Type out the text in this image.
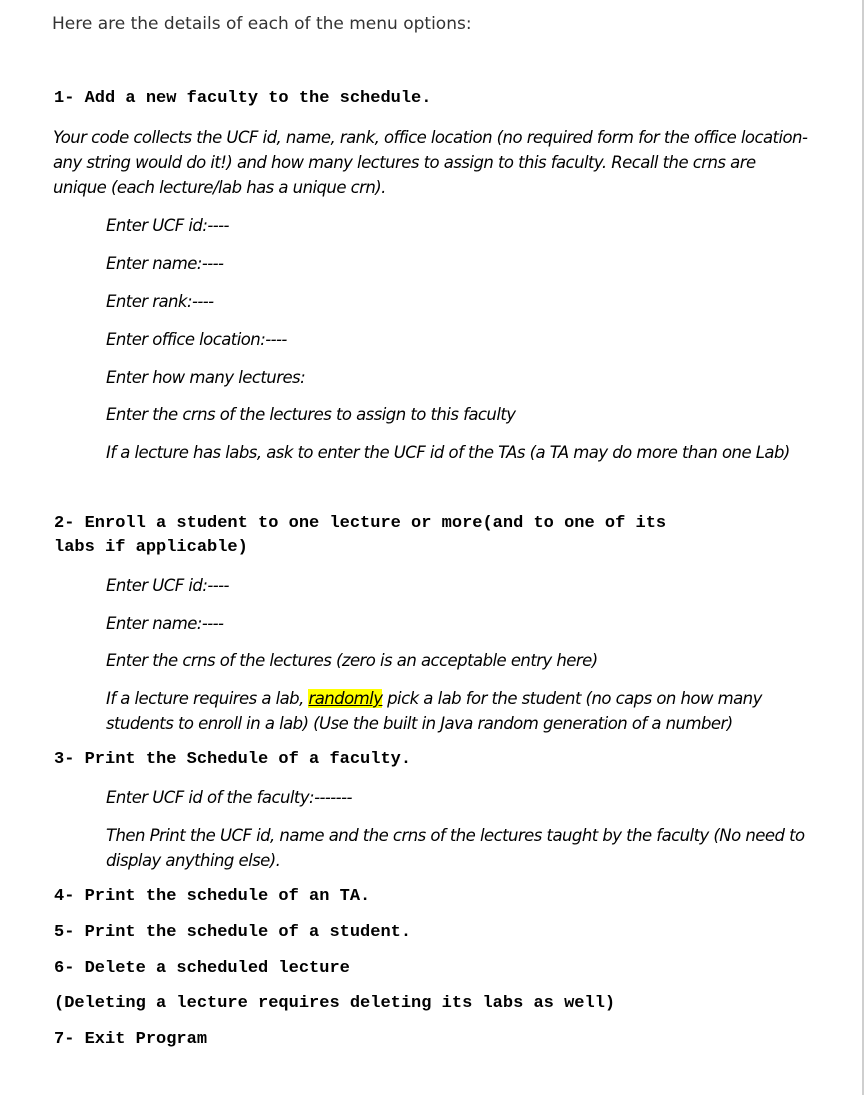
Here are the details of each of the menu options:
1- Add a new faculty to the schedule.
Your code collects the UCF id, name, rank, office location (no required form for the office location-any string would do it!) and how many lectures to assign to this faculty. Recall the crns are unique (each lecture/lab has a unique crn).
Enter UCF id:----
Enter name:----
Enter rank:----
Enter office location:----
Enter how many lectures:
Enter the crns of the lectures to assign to this faculty
If a lecture has labs, ask to enter the UCF id of the TAs (a TA may do more than one Lab)
2- Enroll a student to one lecture or more(and to one of its
labs if applicable)
Enter UCF id:----
Enter name:----
Enter the crns of the lectures (zero is an acceptable entry here)
If a lecture requires a lab, randomly pick a lab for the student (no caps on how many students to enroll in a lab) (Use the built in Java random generation of a number)
3- Print the Schedule of a faculty.
Enter UCF id of the faculty:-------
Then Print the UCF id, name and the crns of the lectures taught by the faculty (No need to display anything else).
4- Print the schedule of an TA.
5- Print the schedule of a student.
6- Delete a scheduled lecture
(Deleting a lecture requires deleting its labs as well)
7- Exit Program
